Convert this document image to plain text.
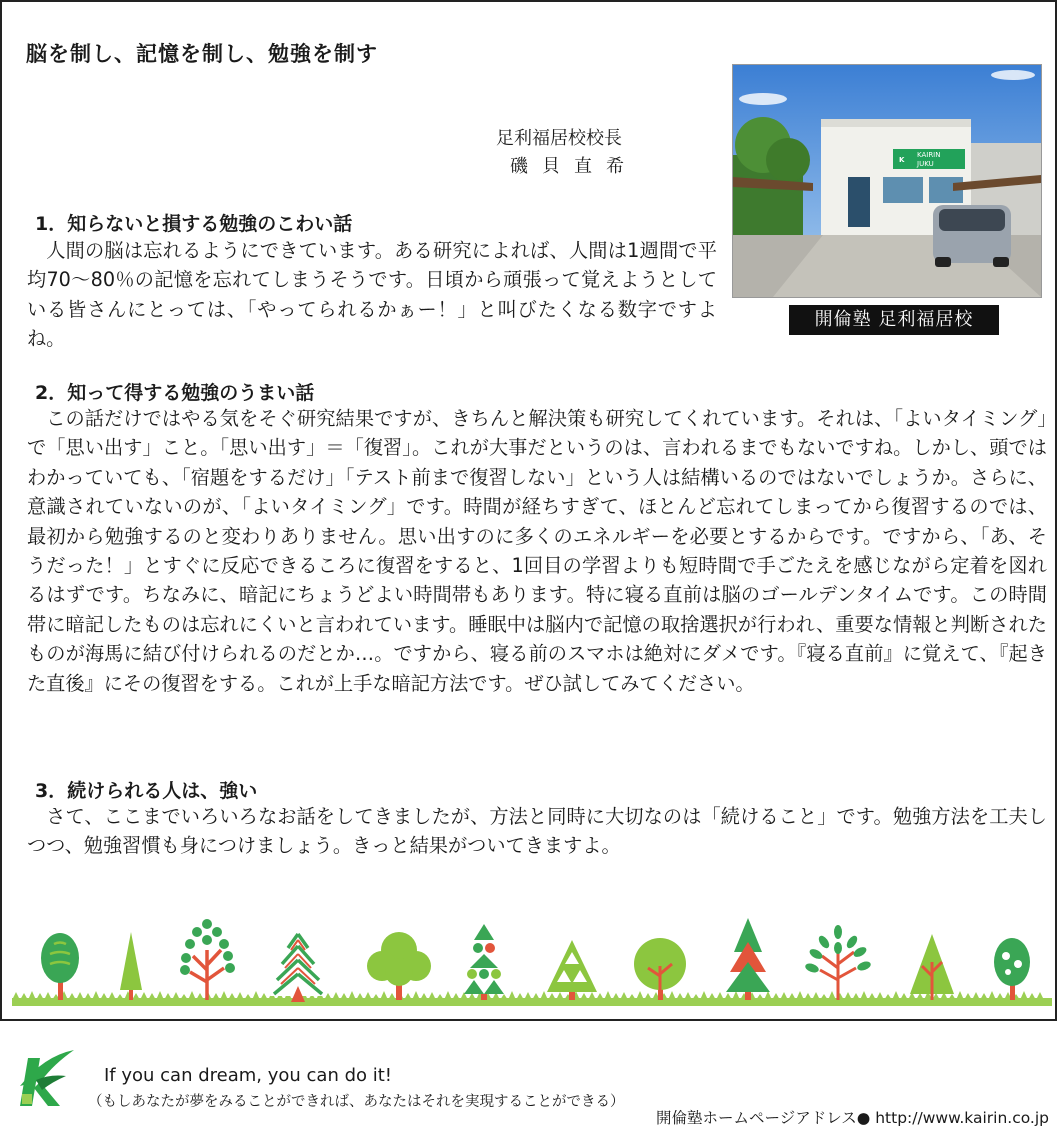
脳を制し、記憶を制し、勉強を制す
足利福居校校長
磯貝直希	K
KAIRIN
JUKU
開倫塾 足利福居校
1．知らないと損する勉強のこわい話
人間の脳は忘れるようにできています。ある研究によれば、人間は1週間で平均70～80％の記憶を忘れてしまうそうです。日頃から頑張って覚えようとしている皆さんにとっては、「やってられるかぁー！」と叫びたくなる数字ですよね。
2．知って得する勉強のうまい話
この話だけではやる気をそぐ研究結果ですが、きちんと解決策も研究してくれています。それは、「よいタイミング」で「思い出す」こと。「思い出す」＝「復習」。これが大事だというのは、言われるまでもないですね。しかし、頭ではわかっていても、「宿題をするだけ」「テスト前まで復習しない」という人は結構いるのではないでしょうか。さらに、意識されていないのが、「よいタイミング」です。時間が経ちすぎて、ほとんど忘れてしまってから復習するのでは、最初から勉強するのと変わりありません。思い出すのに多くのエネルギーを必要とするからです。ですから、「あ、そうだった！」とすぐに反応できるころに復習をすると、1回目の学習よりも短時間で手ごたえを感じながら定着を図れるはずです。ちなみに、暗記にちょうどよい時間帯もあります。特に寝る直前は脳のゴールデンタイムです。この時間帯に暗記したものは忘れにくいと言われています。睡眠中は脳内で記憶の取捨選択が行われ、重要な情報と判断されたものが海馬に結び付けられるのだとか…。ですから、寝る前のスマホは絶対にダメです。『寝る直前』に覚えて、『起きた直後』にその復習をする。これが上手な暗記方法です。ぜひ試してみてください。
3．続けられる人は、強い
さて、ここまでいろいろなお話をしてきましたが、方法と同時に大切なのは「続けること」です。勉強方法を工夫しつつ、勉強習慣も身につけましょう。きっと結果がついてきますよ。
If you can dream, you can do it!
（もしあなたが夢をみることができれば、あなたはそれを実現することができる）
開倫塾ホームページアドレス● http://www.kairin.co.jp
